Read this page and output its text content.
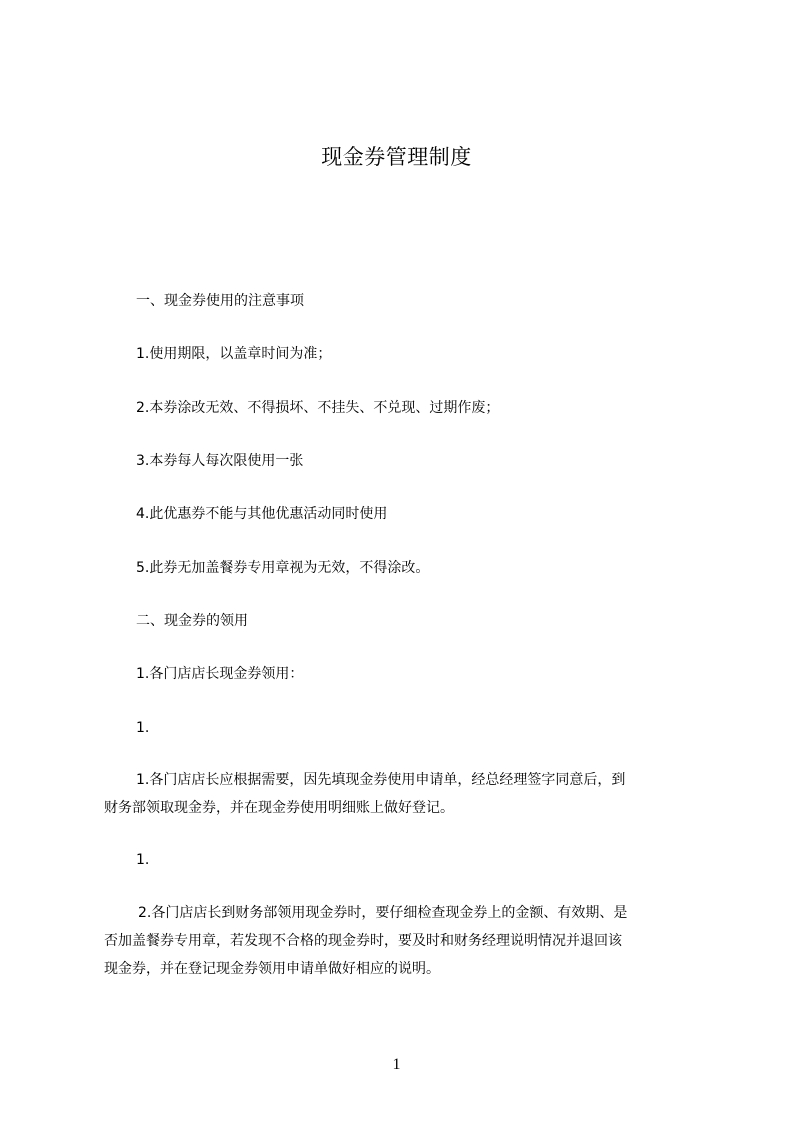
现金券管理制度
一、现金券使用的注意事项
1.使用期限，以盖章时间为准；
2.本券涂改无效、不得损坏、不挂失、不兑现、过期作废；
3.本券每人每次限使用一张
4.此优惠券不能与其他优惠活动同时使用
5.此券无加盖餐券专用章视为无效，不得涂改。
二、现金券的领用
1.各门店店长现金券领用：
1.
1.各门店店长应根据需要，因先填现金券使用申请单，经总经理签字同意后，到
财务部领取现金券，并在现金券使用明细账上做好登记。
1.
2.各门店店长到财务部领用现金券时，要仔细检查现金券上的金额、有效期、是
否加盖餐券专用章，若发现不合格的现金券时，要及时和财务经理说明情况并退回该
现金券，并在登记现金券领用申请单做好相应的说明。
1
